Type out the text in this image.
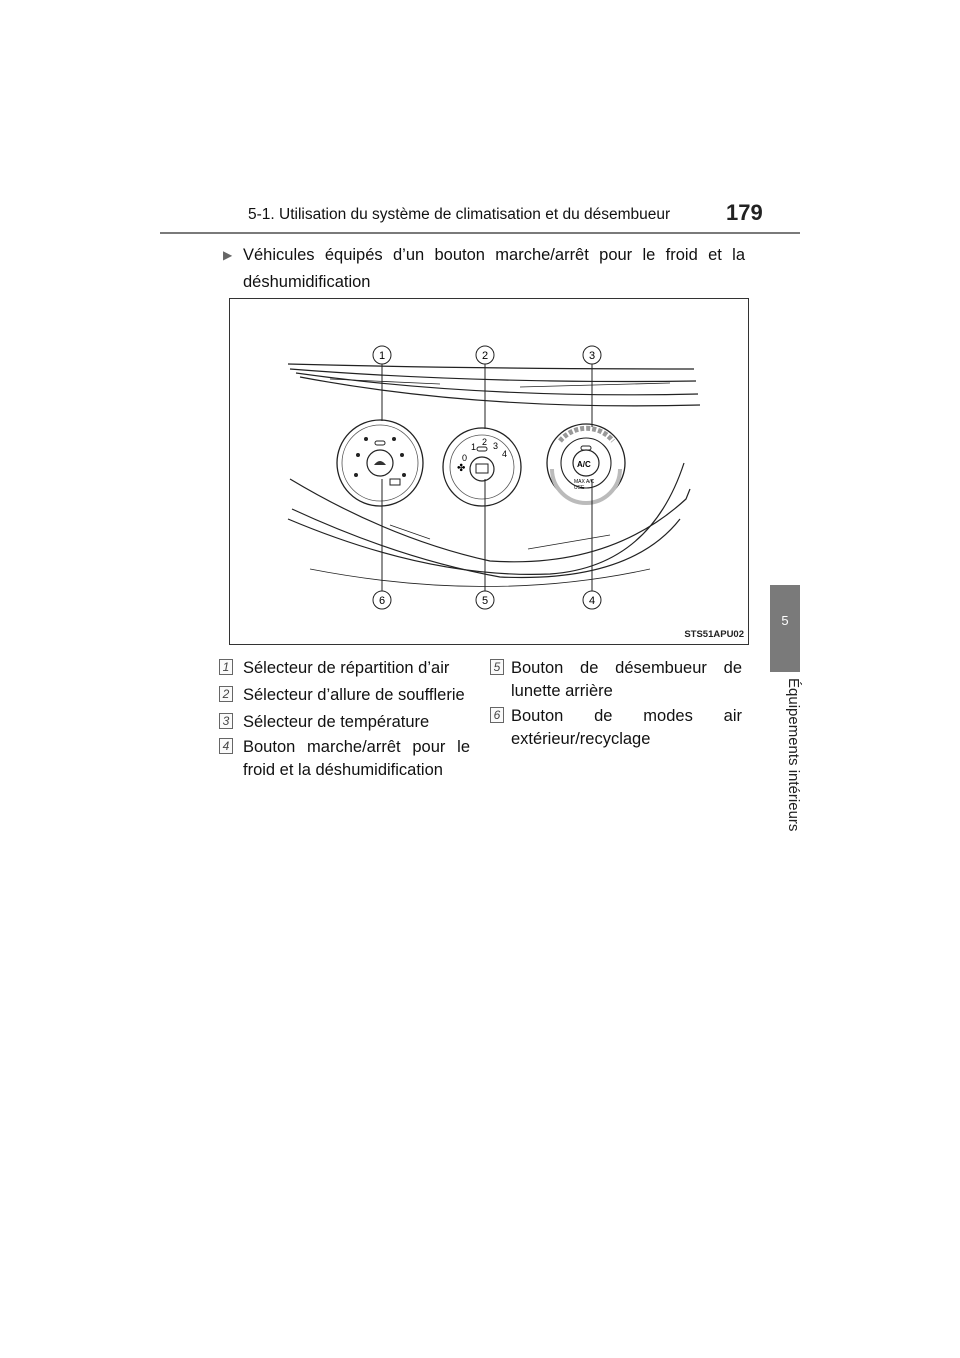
5-1. Utilisation du système de climatisation et du désembueur	179
5
Équipements intérieurs
▶ Véhicules équipés d’un bouton marche/arrêt pour le froid et la déshumidification
0
1 2 3
4
✤	A/C
MAX A/C
USE
1	2	3
4
5
6
STS51APU02
1 Sélecteur de répartition d’air
2 Sélecteur d’allure de soufflerie
3 Sélecteur de température
4 Bouton marche/arrêt pour le froid et la déshumidification
5 Bouton de désembueur de lunette arrière
6 Bouton de modes air extérieur/recyclage
